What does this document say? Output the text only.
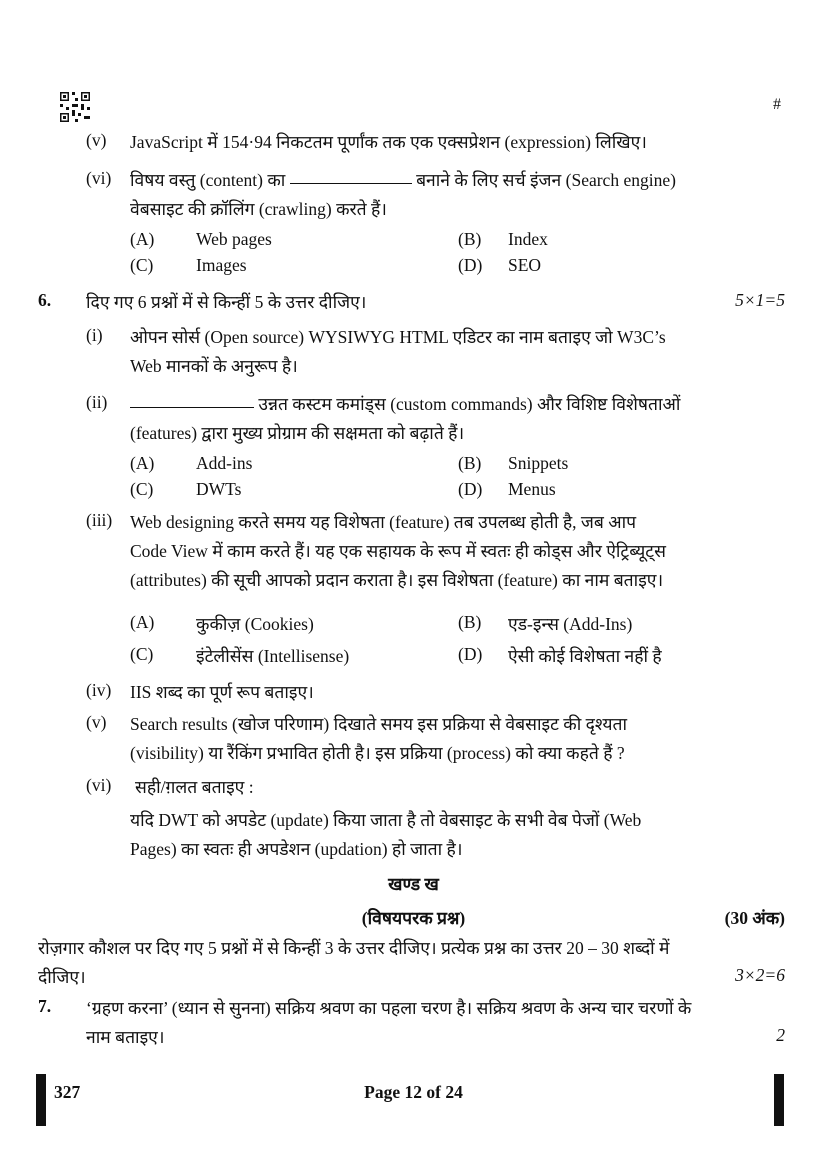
#
(v) JavaScript में 154·94 निकटतम पूर्णांक तक एक एक्सप्रेशन (expression) लिखिए।
(vi) विषय वस्तु (content) का	बनाने के लिए सर्च इंजन (Search engine)
वेबसाइट की क्रॉलिंग (crawling) करते हैं।
(A) Web pages	(B) Index
(C) Images	(D) SEO
6. दिए गए 6 प्रश्नों में से किन्हीं 5 के उत्तर दीजिए।	5×1=5
(i) ओपन सोर्स (Open source) WYSIWYG HTML एडिटर का नाम बताइए जो W3C’s
Web मानकों के अनुरूप है।
(ii)	उन्नत कस्टम कमांड्स (custom commands) और विशिष्ट विशेषताओं
(features) द्वारा मुख्य प्रोग्राम की सक्षमता को बढ़ाते हैं।
(A) Add-ins	(B) Snippets
(C) DWTs	(D) Menus
(iii) Web designing करते समय यह विशेषता (feature) तब उपलब्ध होती है, जब आप
Code View में काम करते हैं। यह एक सहायक के रूप में स्वतः ही कोड्स और ऐट्रिब्यूट्स
(attributes) की सूची आपको प्रदान कराता है। इस विशेषता (feature) का नाम बताइए।
(A) कुकीज़ (Cookies)	(B) एड-इन्स (Add-Ins)
(C) इंटेलीसेंस (Intellisense)	(D) ऐसी कोई विशेषता नहीं है
(iv) IIS शब्द का पूर्ण रूप बताइए।
(v) Search results (खोज परिणाम) दिखाते समय इस प्रक्रिया से वेबसाइट की दृश्यता
(visibility) या रैंकिंग प्रभावित होती है। इस प्रक्रिया (process) को क्या कहते हैं ?
(vi) सही/ग़लत बताइए :
यदि DWT को अपडेट (update) किया जाता है तो वेबसाइट के सभी वेब पेजों (Web
Pages) का स्वतः ही अपडेशन (updation) हो जाता है।
खण्ड ख
(विषयपरक प्रश्न)	(30 अंक)
रोज़गार कौशल पर दिए गए 5 प्रश्नों में से किन्हीं 3 के उत्तर दीजिए। प्रत्येक प्रश्न का उत्तर 20 – 30 शब्दों में
दीजिए।	3×2=6
7. ‘ग्रहण करना’ (ध्यान से सुनना) सक्रिय श्रवण का पहला चरण है। सक्रिय श्रवण के अन्य चार चरणों के
नाम बताइए।	2
327	Page 12 of 24
